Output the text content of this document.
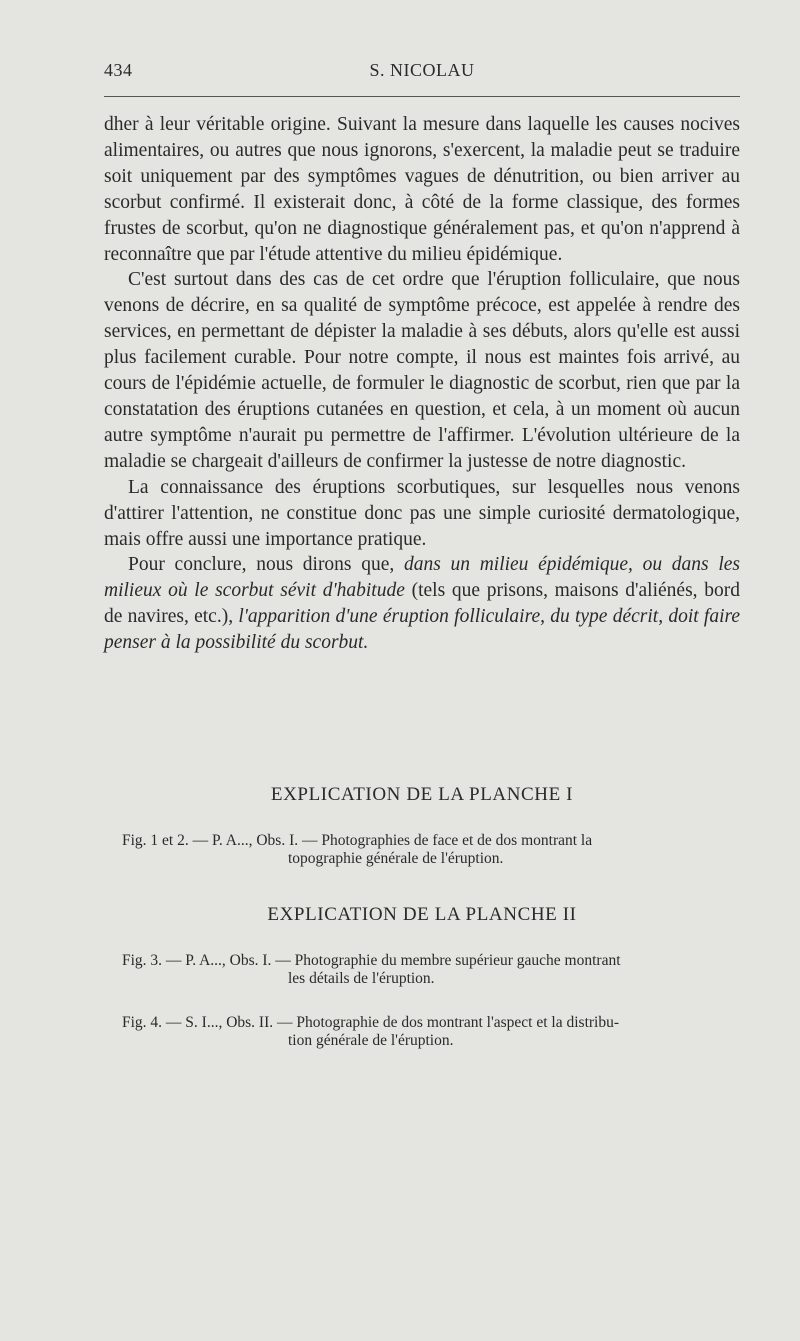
434	S. NICOLAU

dher à leur véritable origine. Suivant la mesure dans laquelle les causes nocives alimentaires, ou autres que nous ignorons, s'exercent, la maladie peut se traduire soit uniquement par des symptômes vagues de dénutrition, ou bien arriver au scorbut confirmé. Il existerait donc, à côté de la forme classique, des formes frustes de scorbut, qu'on ne diagnostique généralement pas, et qu'on n'apprend à reconnaître que par l'étude attentive du milieu épidémique.

C'est surtout dans des cas de cet ordre que l'éruption folliculaire, que nous venons de décrire, en sa qualité de symptôme précoce, est appelée à rendre des services, en permettant de dépister la maladie à ses débuts, alors qu'elle est aussi plus facilement curable. Pour notre compte, il nous est maintes fois arrivé, au cours de l'épidémie actuelle, de formuler le diagnostic de scorbut, rien que par la constatation des éruptions cutanées en question, et cela, à un moment où aucun autre symptôme n'aurait pu permettre de l'affirmer. L'évolution ultérieure de la maladie se chargeait d'ailleurs de confirmer la justesse de notre diagnostic.

La connaissance des éruptions scorbutiques, sur lesquelles nous venons d'attirer l'attention, ne constitue donc pas une simple curiosité dermatologique, mais offre aussi une importance pratique.

Pour conclure, nous dirons que, dans un milieu épidémique, ou dans les milieux où le scorbut sévit d'habitude (tels que prisons, maisons d'aliénés, bord de navires, etc.), l'apparition d'une éruption folliculaire, du type décrit, doit faire penser à la possibilité du scorbut.

EXPLICATION DE LA PLANCHE I
Fig. 1 et 2. — P. A..., Obs. I. — Photographies de face et de dos montrant la
topographie générale de l'éruption.
EXPLICATION DE LA PLANCHE II
Fig. 3. — P. A..., Obs. I. — Photographie du membre supérieur gauche montrant
les détails de l'éruption.
Fig. 4. — S. I..., Obs. II. — Photographie de dos montrant l'aspect et la distribu-
tion générale de l'éruption.
